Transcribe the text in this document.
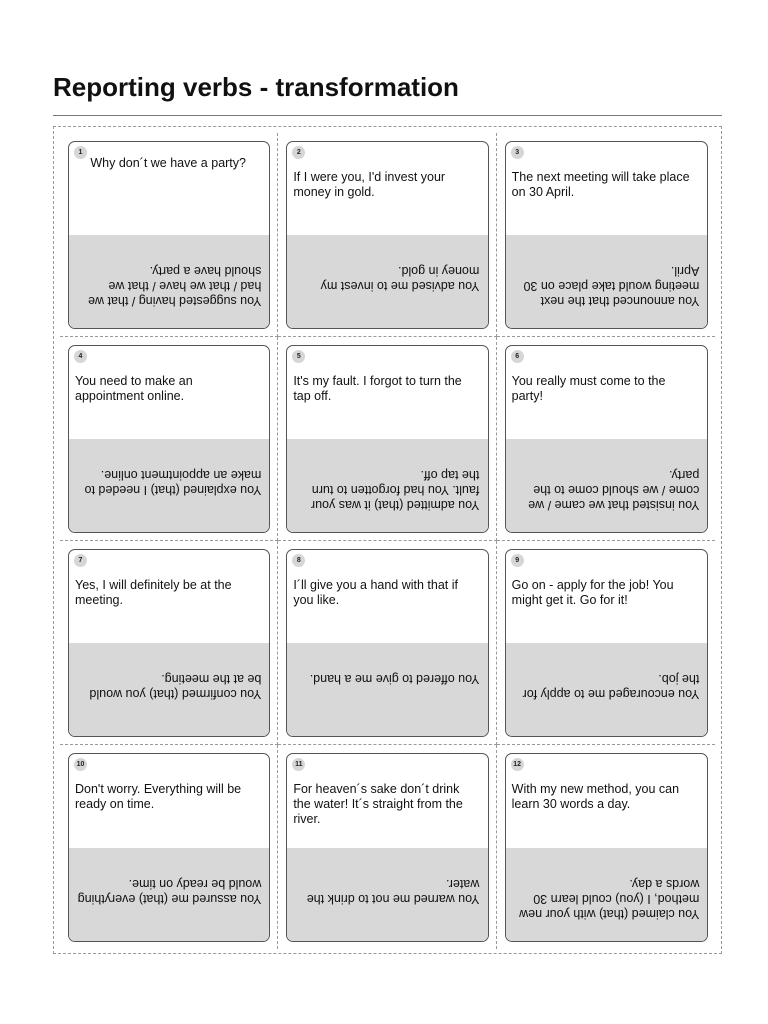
Reporting verbs - transformation
1

Why don´t we have a party?

You suggested having / that we had / that we have / that we should have a party.

2

If I were you, I'd invest your money in gold.

You advised me to invest my money in gold.

3

The next meeting will take place on 30 April.

You announced that the next meeting would take place on 30 April.

4

You need to make an appointment online.

You explained (that) I needed to make an appointment online.

5

It's my fault. I forgot to turn the tap off.

You admitted (that) it was your fault. You had forgotten to turn the tap off.

6

You really must come to the party!

You insisted that we came / we come / we should come to the party.

7

Yes, I will definitely be at the meeting.

You confirmed (that) you would be at the meeting.

8

I´ll give you a hand with that if you like.

You offered to give me a hand.

9

Go on - apply for the job! You might get it. Go for it!

You encouraged me to apply for the job.

10

Don't worry. Everything will be ready on time.

You assured me (that) everything would be ready on time.

11

For heaven´s sake don´t drink the water! It´s straight from the river.

You warned me not to drink the water.

12

With my new method, you can learn 30 words a day.

You claimed (that) with your new method, I (you) could learn 30 words a day.
